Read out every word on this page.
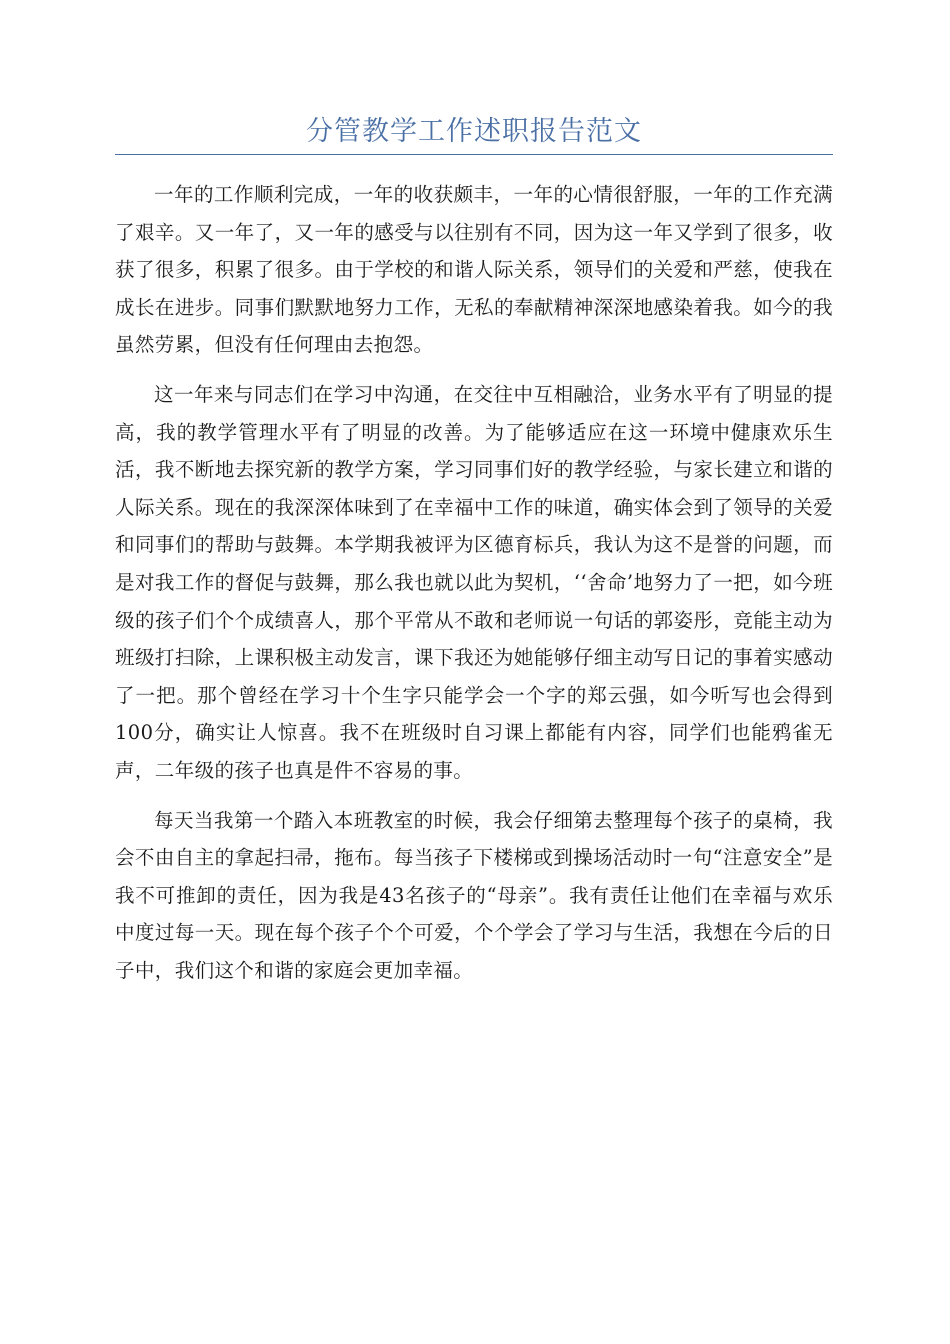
分管教学工作述职报告范文

一年的工作顺利完成，一年的收获颇丰，一年的心情很舒服，一年的工作充满了艰辛。又一年了，又一年的感受与以往别有不同，因为这一年又学到了很多，收获了很多，积累了很多。由于学校的和谐人际关系，领导们的关爱和严慈，使我在成长在进步。同事们默默地努力工作，无私的奉献精神深深地感染着我。如今的我虽然劳累，但没有任何理由去抱怨。

这一年来与同志们在学习中沟通，在交往中互相融洽，业务水平有了明显的提高，我的教学管理水平有了明显的改善。为了能够适应在这一环境中健康欢乐生活，我不断地去探究新的教学方案，学习同事们好的教学经验，与家长建立和谐的人际关系。现在的我深深体味到了在幸福中工作的味道，确实体会到了领导的关爱和同事们的帮助与鼓舞。本学期我被评为区德育标兵，我认为这不是誉的问题，而是对我工作的督促与鼓舞，那么我也就以此为契机，‘‘舍命’地努力了一把，如今班级的孩子们个个成绩喜人，那个平常从不敢和老师说一句话的郭姿彤，竞能主动为班级打扫除，上课积极主动发言，课下我还为她能够仔细主动写日记的事着实感动了一把。那个曾经在学习十个生字只能学会一个字的郑云强，如今听写也会得到100分，确实让人惊喜。我不在班级时自习课上都能有内容，同学们也能鸦雀无声，二年级的孩子也真是件不容易的事。

每天当我第一个踏入本班教室的时候，我会仔细第去整理每个孩子的桌椅，我会不由自主的拿起扫帚，拖布。每当孩子下楼梯或到操场活动时一句“注意安全”是我不可推卸的责任，因为我是43名孩子的“母亲”。我有责任让他们在幸福与欢乐中度过每一天。现在每个孩子个个可爱，个个学会了学习与生活，我想在今后的日子中，我们这个和谐的家庭会更加幸福。
